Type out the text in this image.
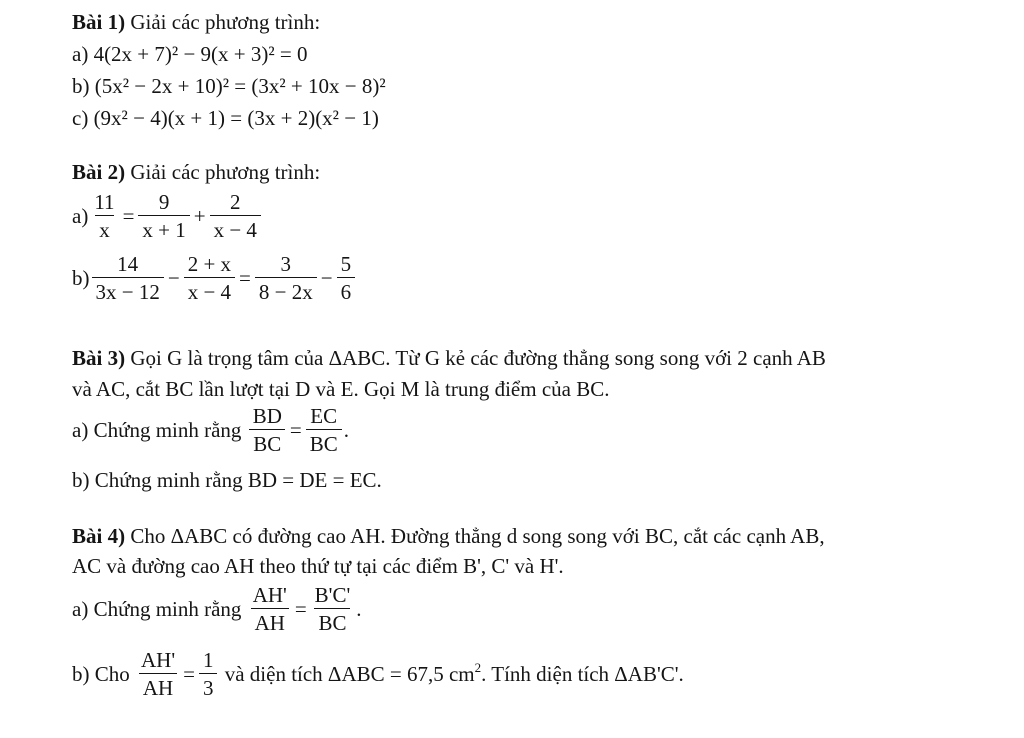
Bài 1) Giải các phương trình:
a) 4(2x + 7)² − 9(x + 3)² = 0
b) (5x² − 2x + 10)² = (3x² + 10x − 8)²
c) (9x² − 4)(x + 1) = (3x + 2)(x² − 1)
Bài 2) Giải các phương trình:
$a) \frac{11}{x} = \frac{9}{x + 1} + \frac{2}{x - 4}$
$b) \frac{14}{3x - 12} - \frac{2 + x}{x - 4} = \frac{3}{8 - 2x} - \frac{5}{6}$
Bài 3) Gọi G là trọng tâm của ΔABC. Từ G kẻ các đường thẳng song song với 2 cạnh AB
và AC, cắt BC lần lượt tại D và E. Gọi M là trung điểm của BC.
a) Chứng minh rằng $\frac{BD}{BC} = \frac{EC}{BC}$ .
b) Chứng minh rằng BD = DE = EC.
Bài 4) Cho ΔABC có đường cao AH. Đường thẳng d song song với BC, cắt các cạnh AB,
AC và đường cao AH theo thứ tự tại các điểm B', C' và H'.
a) Chứng minh rằng $\frac{AH'}{AH} = \frac{B'C'}{BC}$ .
b) Cho $\frac{AH'}{AH} = \frac{1}{3}$ và diện tích ΔABC = 67,5 $cm^2$. Tính diện tích ΔAB'C'.
